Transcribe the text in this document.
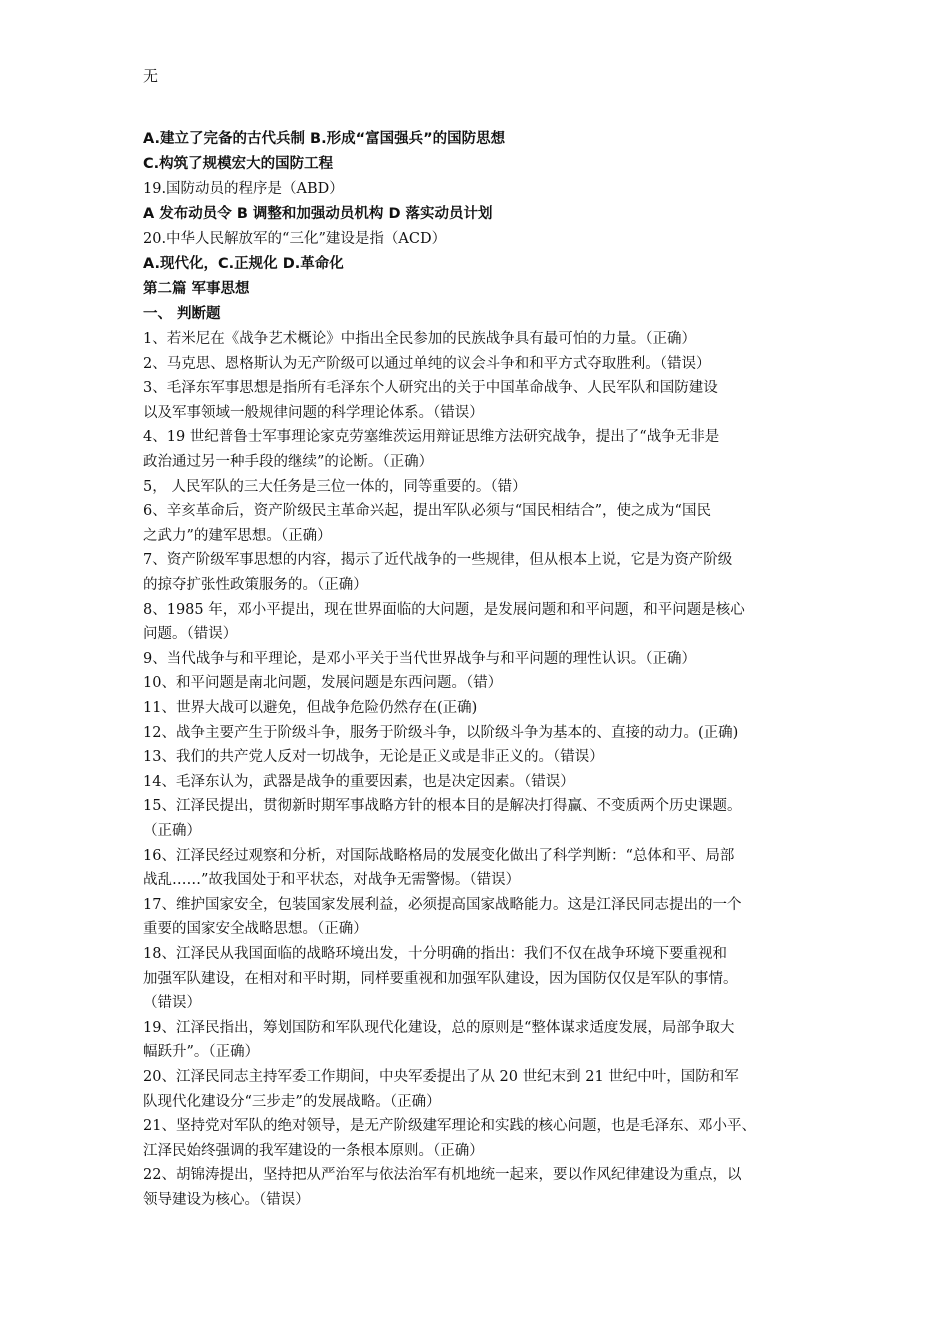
无
A.建立了完备的古代兵制 B.形成“富国强兵”的国防思想
C.构筑了规模宏大的国防工程
19.国防动员的程序是（ABD）
A 发布动员令 B 调整和加强动员机构 D 落实动员计划
20.中华人民解放军的“三化”建设是指（ACD）
A.现代化，C.正规化 D.革命化
第二篇 军事思想
一、 判断题
1、若米尼在《战争艺术概论》中指出全民参加的民族战争具有最可怕的力量。（正确）
2、马克思、恩格斯认为无产阶级可以通过单纯的议会斗争和和平方式夺取胜利。（错误）
3、毛泽东军事思想是指所有毛泽东个人研究出的关于中国革命战争、人民军队和国防建设
以及军事领域一般规律问题的科学理论体系。（错误）
4、19 世纪普鲁士军事理论家克劳塞维茨运用辩证思维方法研究战争，提出了“战争无非是
政治通过另一种手段的继续”的论断。（正确）
5， 人民军队的三大任务是三位一体的，同等重要的。（错）
6、辛亥革命后，资产阶级民主革命兴起，提出军队必须与“国民相结合”，使之成为“国民
之武力”的建军思想。（正确）
7、资产阶级军事思想的内容，揭示了近代战争的一些规律，但从根本上说，它是为资产阶级
的掠夺扩张性政策服务的。（正确）
8、1985 年，邓小平提出，现在世界面临的大问题，是发展问题和和平问题，和平问题是核心
问题。（错误）
9、当代战争与和平理论，是邓小平关于当代世界战争与和平问题的理性认识。（正确）
10、和平问题是南北问题，发展问题是东西问题。（错）
11、世界大战可以避免，但战争危险仍然存在(正确)
12、战争主要产生于阶级斗争，服务于阶级斗争，以阶级斗争为基本的、直接的动力。(正确)
13、我们的共产党人反对一切战争，无论是正义或是非正义的。（错误）
14、毛泽东认为，武器是战争的重要因素，也是决定因素。（错误）
15、江泽民提出，贯彻新时期军事战略方针的根本目的是解决打得赢、不变质两个历史课题。
（正确）
16、江泽民经过观察和分析，对国际战略格局的发展变化做出了科学判断：“总体和平、局部
战乱……”故我国处于和平状态，对战争无需警惕。（错误）
17、维护国家安全，包装国家发展利益，必须提高国家战略能力。这是江泽民同志提出的一个
重要的国家安全战略思想。（正确）
18、江泽民从我国面临的战略环境出发，十分明确的指出：我们不仅在战争环境下要重视和
加强军队建设，在相对和平时期，同样要重视和加强军队建设，因为国防仅仅是军队的事情。
（错误）
19、江泽民指出，筹划国防和军队现代化建设，总的原则是“整体谋求适度发展，局部争取大
幅跃升”。（正确）
20、江泽民同志主持军委工作期间，中央军委提出了从 20 世纪末到 21 世纪中叶，国防和军
队现代化建设分“三步走”的发展战略。（正确）
21、坚持党对军队的绝对领导，是无产阶级建军理论和实践的核心问题，也是毛泽东、邓小平、
江泽民始终强调的我军建设的一条根本原则。（正确）
22、胡锦涛提出，坚持把从严治军与依法治军有机地统一起来，要以作风纪律建设为重点，以
领导建设为核心。（错误）
